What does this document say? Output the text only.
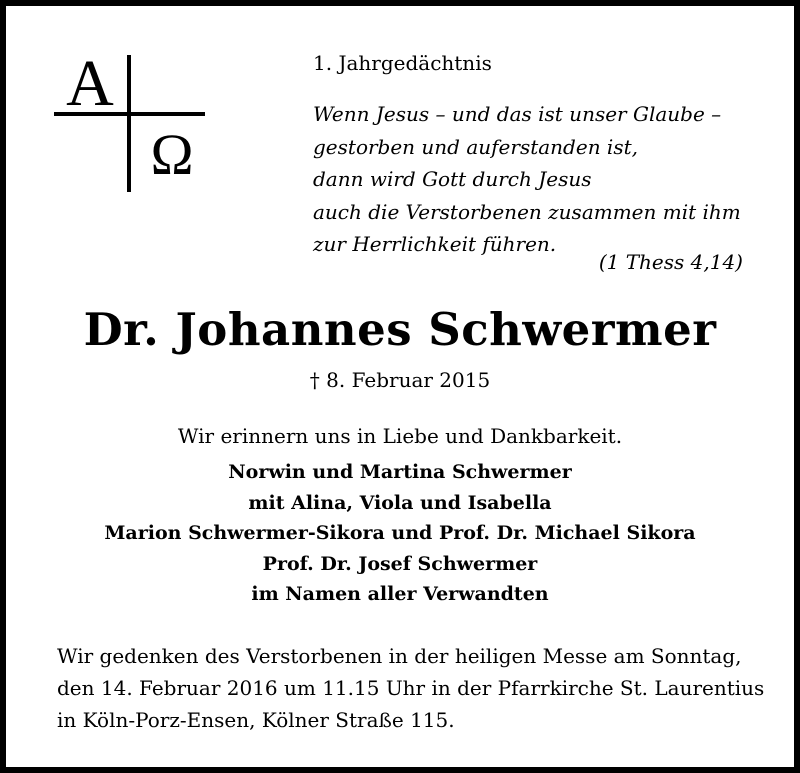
A
Ω
1. Jahrgedächtnis
Wenn Jesus – und das ist unser Glaube –
gestorben und auferstanden ist,
dann wird Gott durch Jesus
auch die Verstorbenen zusammen mit ihm
zur Herrlichkeit führen.
(1 Thess 4,14)
Dr. Johannes Schwermer
† 8. Februar 2015
Wir erinnern uns in Liebe und Dankbarkeit.
Norwin und Martina Schwermer
mit Alina, Viola und Isabella
Marion Schwermer-Sikora und Prof. Dr. Michael Sikora
Prof. Dr. Josef Schwermer
im Namen aller Verwandten
Wir gedenken des Verstorbenen in der heiligen Messe am Sonntag,
den 14. Februar 2016 um 11.15 Uhr in der Pfarrkirche St. Laurentius
in Köln-Porz-Ensen, Kölner Straße 115.
